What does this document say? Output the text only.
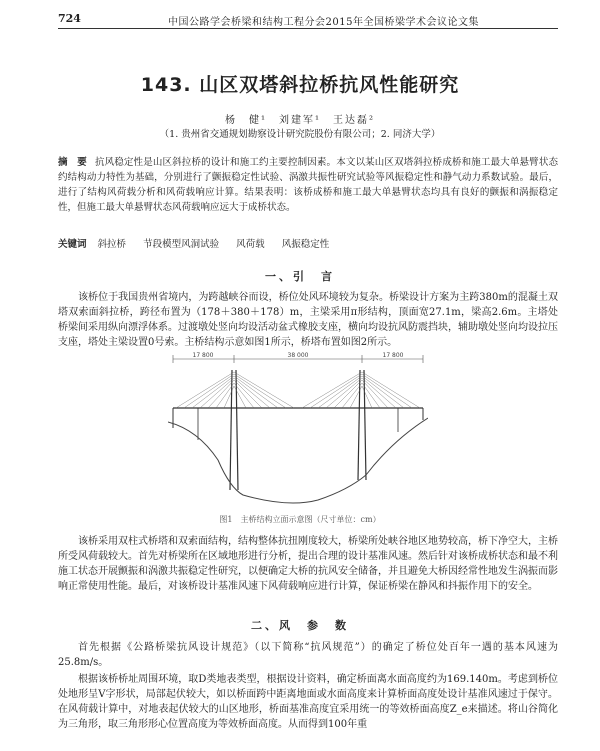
724	中国公路学会桥梁和结构工程分会2015年全国桥梁学术会议论文集
143. 山区双塔斜拉桥抗风性能研究
杨　健¹　刘建军¹　王达磊²
（1. 贵州省交通规划勘察设计研究院股份有限公司；2. 同济大学）
摘　要 抗风稳定性是山区斜拉桥的设计和施工约主要控制因素。本文以某山区双塔斜拉桥成桥和施工最大单悬臂状态约结构动力特性为基础，分别进行了颤振稳定性试验、涡激共振性研究试验等风振稳定性和静气动力系数试验。最后，进行了结构风荷载分析和风荷载响应计算。结果表明：该桥成桥和施工最大单悬臂状态均具有良好的颤振和涡振稳定性，但施工最大单悬臂状态风荷载响应远大于成桥状态。
关键词 斜拉桥 节段模型风洞试验 风荷载 风振稳定性
一、引　言
该桥位于我国贵州省境内，为跨越峡谷而设，桥位处风环境较为复杂。桥梁设计方案为主跨380m的混凝土双塔双索面斜拉桥，跨径布置为（178＋380＋178）m，主梁采用π形结构，顶面宽27.1m，梁高2.6m。主塔处桥梁间采用纵向漂浮体系。过渡墩处竖向均设活动盆式橡胶支座，横向均设抗风防震挡块，辅助墩处竖向均设拉压支座，塔处主梁设置0号索。主桥结构示意如图1所示，桥塔布置如图2所示。
17 800	38 000	17 800
图1　主桥结构立面示意图（尺寸单位：cm）
该桥采用双柱式桥塔和双索面结构，结构整体抗扭刚度较大，桥梁所处峡谷地区地势较高，桥下净空大，主桥所受风荷载较大。首先对桥梁所在区域地形进行分析，提出合理的设计基准风速。然后针对该桥成桥状态和最不利施工状态开展颤振和涡激共振稳定性研究，以便确定大桥的抗风安全储备，并且避免大桥因经常性地发生涡振而影响正常使用性能。最后，对该桥设计基准风速下风荷载响应进行计算，保证桥梁在静风和抖振作用下的安全。
二、风　参　数
首先根据《公路桥梁抗风设计规范》（以下简称“抗风规范”）的确定了桥位处百年一遇的基本风速为25.8m/s。
根据该桥桥址周围环境，取D类地表类型，根据设计资料，确定桥面离水面高度约为169.140m。考虑到桥位处地形呈V字形状，局部起伏较大，如以桥面跨中距离地面或水面高度来计算桥面高度处设计基准风速过于保守。在风荷载计算中，对地表起伏较大的山区地形，桥面基准高度宜采用统一的等效桥面高度Z_e来描述。将山谷简化为三角形，取三角形形心位置高度为等效桥面高度。从而得到100年重
